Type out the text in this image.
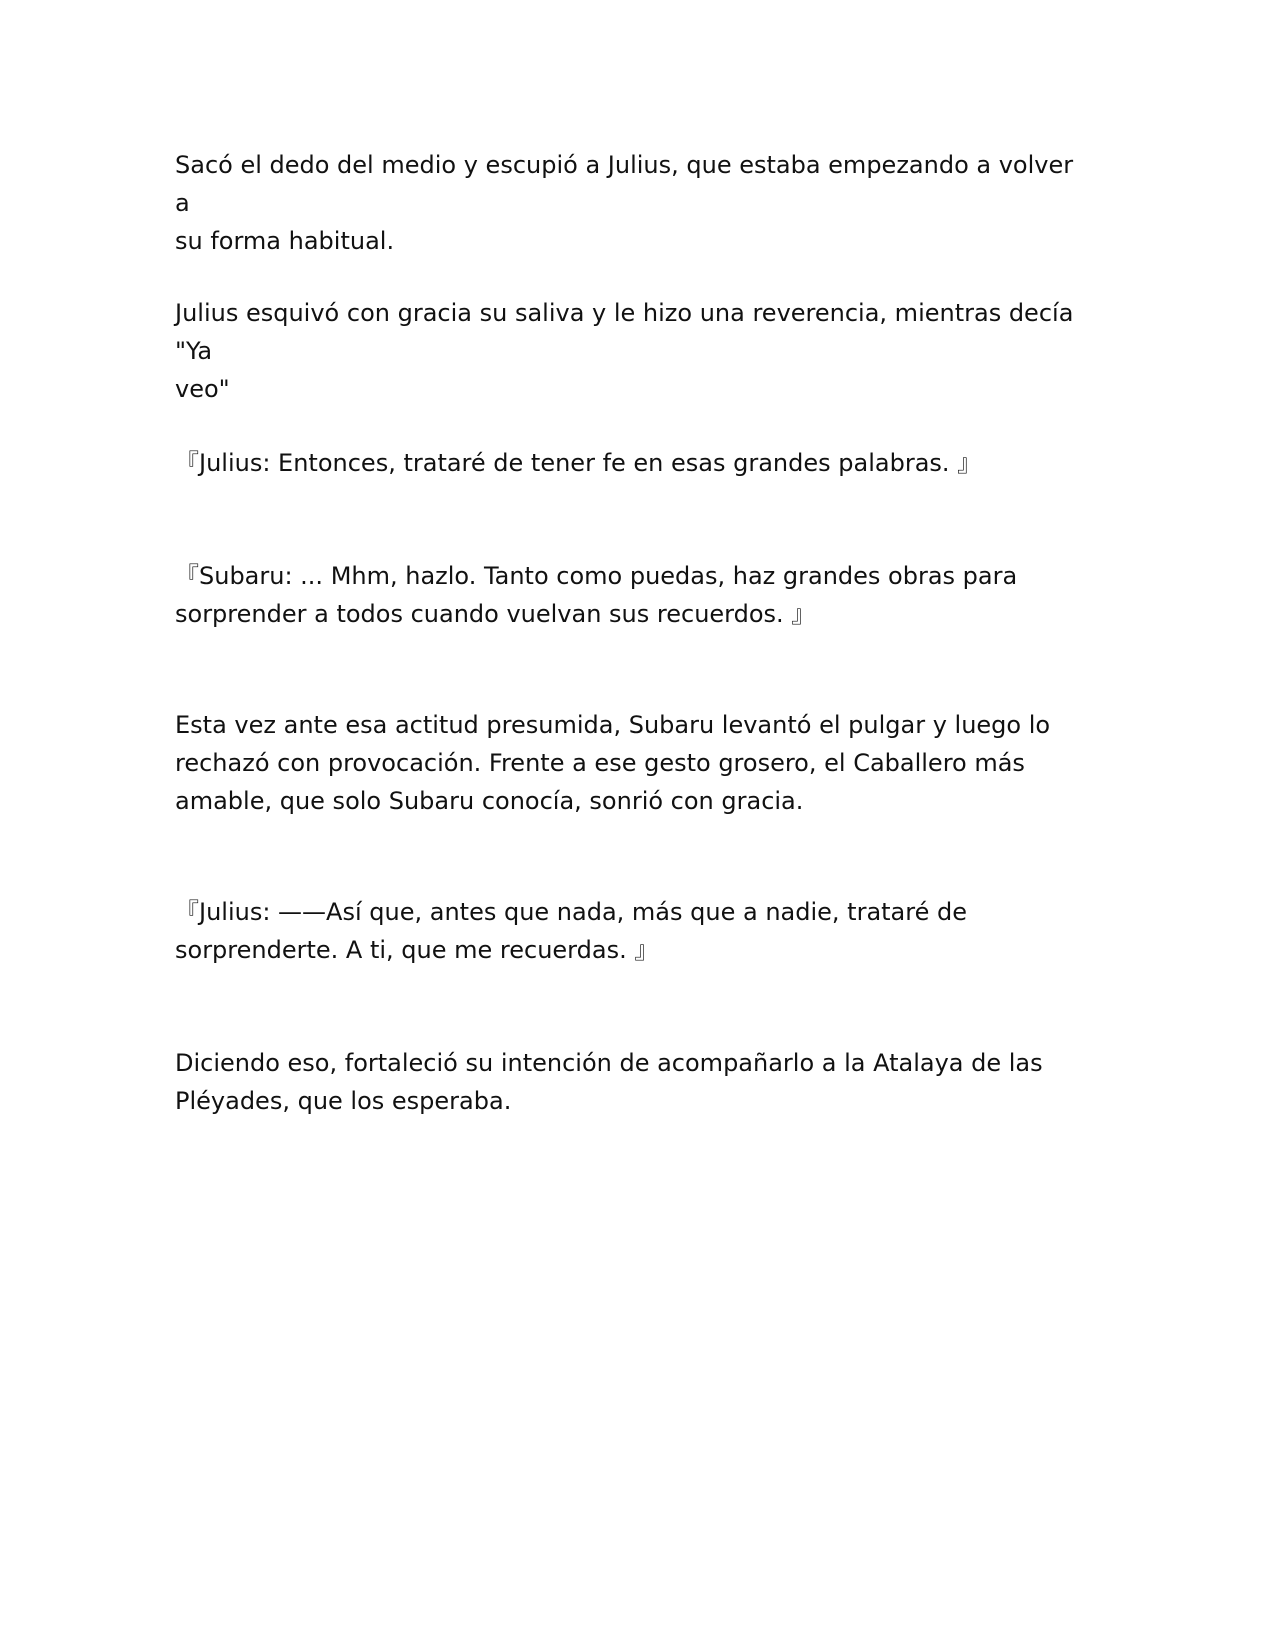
Sacó el dedo del medio y escupió a Julius, que estaba empezando a volver a
su forma habitual.

Julius esquivó con gracia su saliva y le hizo una reverencia, mientras decía "Ya
veo"

『Julius: Entonces, trataré de tener fe en esas grandes palabras. 』

『Subaru: ... Mhm, hazlo. Tanto como puedas, haz grandes obras para
sorprender a todos cuando vuelvan sus recuerdos. 』

Esta vez ante esa actitud presumida, Subaru levantó el pulgar y luego lo
rechazó con provocación. Frente a ese gesto grosero, el Caballero más
amable, que solo Subaru conocía, sonrió con gracia.

『Julius: ——Así que, antes que nada, más que a nadie, trataré de
sorprenderte. A ti, que me recuerdas. 』

Diciendo eso, fortaleció su intención de acompañarlo a la Atalaya de las
Pléyades, que los esperaba.
